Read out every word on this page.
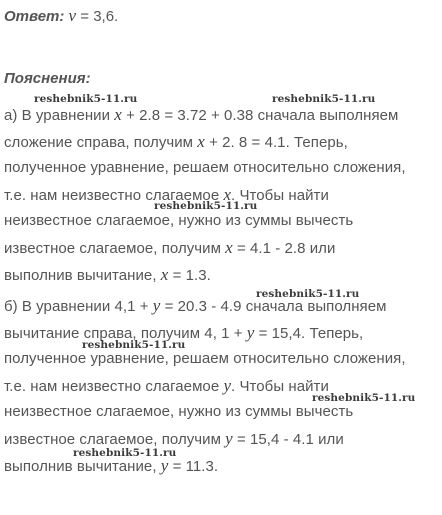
Ответ: v = 3,6.
Пояснения:
а) В уравнении x + 2.8 = 3.72 + 0.38 сначала выполняем
сложение справа, получим x + 2. 8 = 4.1. Теперь,
полученное уравнение, решаем относительно сложения,
т.е. нам неизвестно слагаемое x. Чтобы найти
неизвестное слагаемое, нужно из суммы вычесть
известное слагаемое, получим x = 4.1 - 2.8 или
выполнив вычитание, x = 1.3.
б) В уравнении 4,1 + y = 20.3 - 4.9 сначала выполняем
вычитание справа, получим 4, 1 + y = 15,4. Теперь,
полученное уравнение, решаем относительно сложения,
т.е. нам неизвестно слагаемое y. Чтобы найти
неизвестное слагаемое, нужно из суммы вычесть
известное слагаемое, получим y = 15,4 - 4.1 или
выполнив вычитание, y = 11.3.
reshebnik5-11.ru	reshebnik5-11.ru
reshebnik5-11.ru
reshebnik5-11.ru
reshebnik5-11.ru
reshebnik5-11.ru
reshebnik5-11.ru
